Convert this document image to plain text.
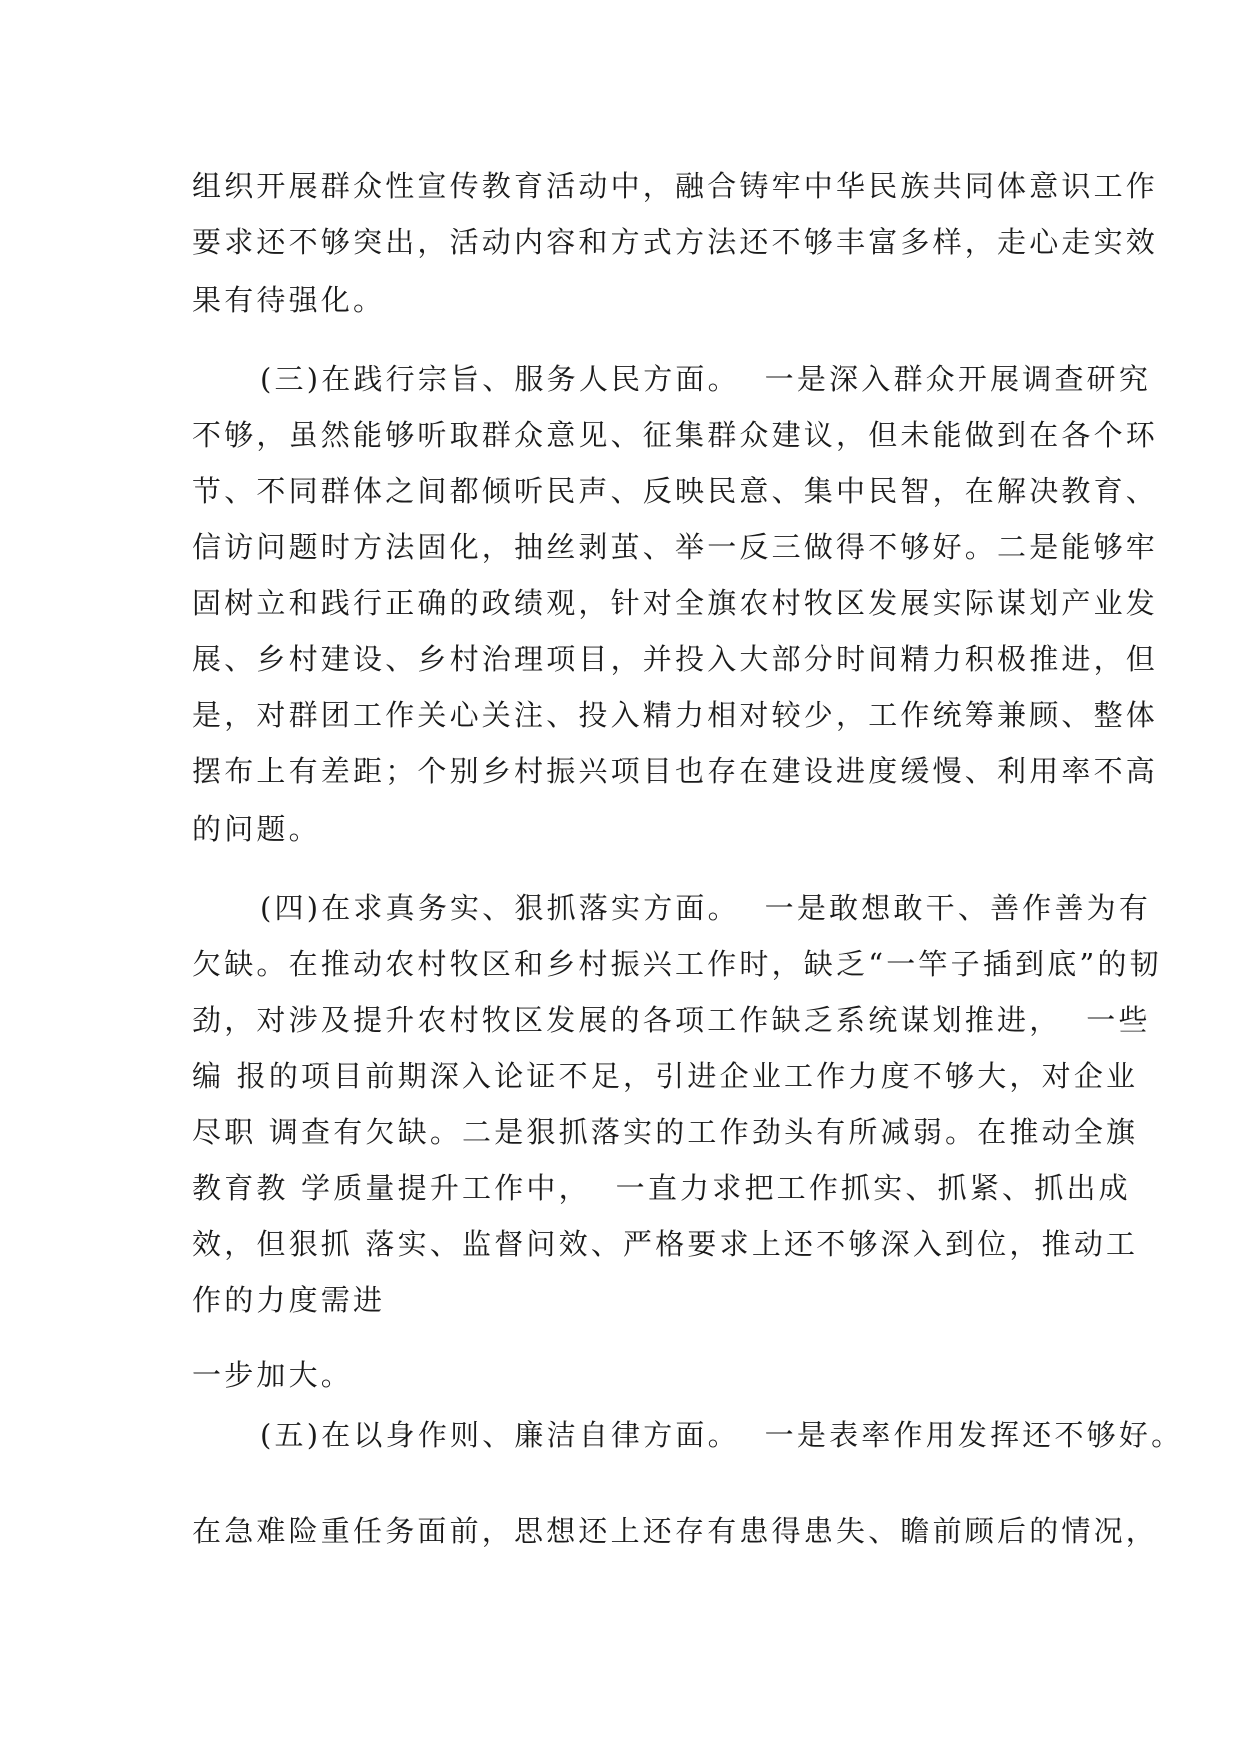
组织开展群众性宣传教育活动中，融合铸牢中华民族共同体意识工作
要求还不够突出，活动内容和方式方法还不够丰富多样，走心走实效
果有待强化。
(三)在践行宗旨、服务人民方面。  一是深入群众开展调查研究
不够，虽然能够听取群众意见、征集群众建议，但未能做到在各个环
节、不同群体之间都倾听民声、反映民意、集中民智，在解决教育、
信访问题时方法固化，抽丝剥茧、举一反三做得不够好。二是能够牢
固树立和践行正确的政绩观，针对全旗农村牧区发展实际谋划产业发
展、乡村建设、乡村治理项目，并投入大部分时间精力积极推进，但
是，对群团工作关心关注、投入精力相对较少，工作统筹兼顾、整体
摆布上有差距；个别乡村振兴项目也存在建设进度缓慢、利用率不高
的问题。
(四)在求真务实、狠抓落实方面。  一是敢想敢干、善作善为有
欠缺。在推动农村牧区和乡村振兴工作时，缺乏“一竿子插到底”的韧
劲，对涉及提升农村牧区发展的各项工作缺乏系统谋划推进，  一些
编 报的项目前期深入论证不足，引进企业工作力度不够大，对企业
尽职 调查有欠缺。二是狠抓落实的工作劲头有所减弱。在推动全旗
教育教 学质量提升工作中，  一直力求把工作抓实、抓紧、抓出成
效，但狠抓 落实、监督问效、严格要求上还不够深入到位，推动工
作的力度需进
一步加大。
(五)在以身作则、廉洁自律方面。  一是表率作用发挥还不够好。
在急难险重任务面前，思想还上还存有患得患失、瞻前顾后的情况，
